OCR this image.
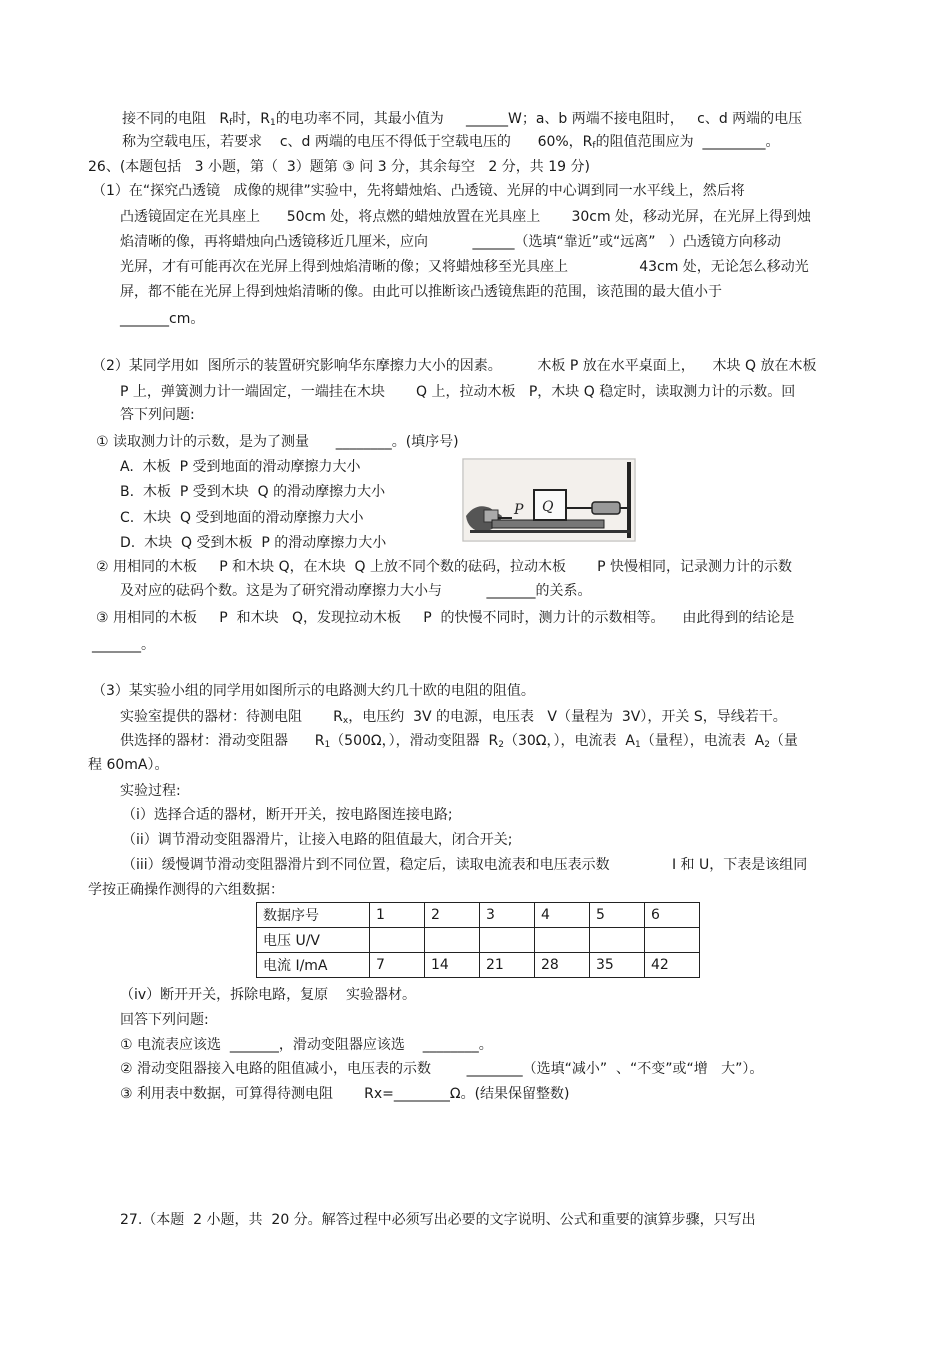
接不同的电阻 $R_f$时，$R_1$的电功率不同，其最小值为 ______W；a、b 两端不接电阻时， c、d 两端的电压
称为空载电压，若要求 c、d 两端的电压不得低于空载电压的 60%，$R_f$的阻值范围应为  _________。
26、(本题包括   3 小题，第（  3）题第 ③ 问 3 分，其余每空   2 分，共 19 分)
（1）在“探究凸透镜   成像的规律”实验中，先将蜡烛焰、凸透镜、光屏的中心调到同一水平线上，然后将
凸透镜固定在光具座上      50cm 处，将点燃的蜡烛放置在光具座上       30cm 处，移动光屏，在光屏上得到烛
焰清晰的像，再将蜡烛向凸透镜移近几厘米，应向          ______（选填“靠近”或“远离”   ）凸透镜方向移动
光屏，才有可能再次在光屏上得到烛焰清晰的像；又将蜡烛移至光具座上                43cm 处，无论怎么移动光
屏，都不能在光屏上得到烛焰清晰的像。由此可以推断该凸透镜焦距的范围，该范围的最大值小于
_______cm。
（2）某同学用如  图所示的装置研究影响华东摩擦力大小的因素。        木板 P 放在水平桌面上，    木块 Q 放在木板
P 上，弹簧测力计一端固定，一端挂在木块       Q 上，拉动木板   P，木块 Q 稳定时，读取测力计的示数。回
答下列问题:
① 读取测力计的示数，是为了测量      ________。(填序号)
A.  木板  P 受到地面的滑动摩擦力大小
B.  木板  P 受到木块  Q 的滑动摩擦力大小
C.  木块  Q 受到地面的滑动摩擦力大小
D.  木块  Q 受到木板  P 的滑动摩擦力大小
P Q
② 用相同的木板     P 和木块 Q，在木块  Q 上放不同个数的砝码，拉动木板       P 快慢相同，记录测力计的示数
及对应的砝码个数。这是为了研究滑动摩擦力大小与          _______的关系。
③ 用相同的木板     P  和木块   Q，发现拉动木板     P  的快慢不同时，测力计的示数相等。    由此得到的结论是
_______。
（3）某实验小组的同学用如图所示的电路测大约几十欧的电阻的阻值。
实验室提供的器材：待测电阻       $R_x$，电压约  3V 的电源，电压表   V（量程为  3V），开关 S，导线若干。
供选择的器材：滑动变阻器      $R_1(500\Omega$，），滑动变阻器  $R_2(30\Omega$，），电流表  $A_1$（量程），电流表  $A_2$（量
程 60mA）。
实验过程:
（i）选择合适的器材，断开开关，按电路图连接电路;
（ii）调节滑动变阻器滑片，让接入电路的阻值最大，闭合开关;
（iii）缓慢调节滑动变阻器滑片到不同位置，稳定后，读取电流表和电压表示数              I 和 U，下表是该组同
学按正确操作测得的六组数据：
数据序号	1	2	3	4	5	6
电压 U/V						
电流 I/mA	7	14	21	28	35	42
（iv）断开开关，拆除电路，复原    实验器材。
回答下列问题:
① 电流表应该选  _______，滑动变阻器应该选    ________。
② 滑动变阻器接入电路的阻值减小，电压表的示数        ________（选填“减小”  、“不变”或“增   大”）。
③ 利用表中数据，可算得待测电阻       Rx=________Ω。(结果保留整数)
27.（本题  2 小题，共  20 分。解答过程中必须写出必要的文字说明、公式和重要的演算步骤，只写出
